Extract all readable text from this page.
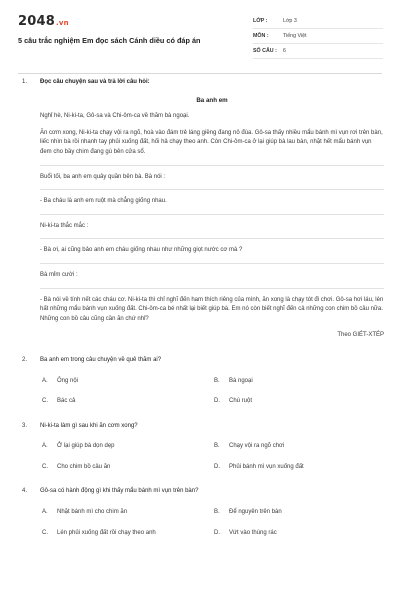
2048.vn
5 câu trắc nghiệm Em đọc sách Cánh diều có đáp án
LỚP :	Lớp 3
MÔN :	Tiếng Việt
SỐ CÂU :	6
1. Đọc câu chuyện sau và trả lời câu hỏi:
Ba anh em
Nghỉ hè, Ni-ki-ta, Gô-sa và Chi-ôm-ca về thăm bà ngoại.
Ăn cơm xong, Ni-ki-ta chạy vội ra ngõ, hoà vào đám trẻ láng giềng đang nô đùa. Gô-sa thấy nhiều mẩu bánh mì vụn rơi trên bàn, liếc nhìn bà rồi nhanh tay phủi xuống đất, hối hả chạy theo anh. Còn Chi-ôm-ca ở lại giúp bà lau bàn, nhặt hết mẩu bánh vụn đem cho bầy chim đang gù bên cửa sổ.
Buổi tối, ba anh em quây quần bên bà. Bà nói :
- Ba cháu là anh em ruột mà chẳng giống nhau.
Ni-ki-ta thắc mắc :
- Bà ơi, ai cũng bảo anh em cháu giống nhau như những giọt nước cơ mà ?
Bà mỉm cười :
- Bà nói về tính nết các cháu cơ. Ni-ki-ta thì chỉ nghĩ đến ham thích riêng của mình, ăn xong là chạy tót đi chơi. Gô-sa hơi láu, lén hất những mẩu bánh vụn xuống đất. Chi-ôm-ca bé nhất lại biết giúp bà. Em nó còn biết nghĩ đến cả những con chim bồ câu nữa. Những con bồ câu cũng cần ăn chứ nhỉ?
Theo GIÉT-XTÉP
2. Ba anh em trong câu chuyện về quê thăm ai?
A. Ông nội	B. Bà ngoại
C. Bác cả	D. Chú ruột
3. Ni-ki-ta làm gì sau khi ăn cơm xong?
A. Ở lại giúp bà dọn dẹp	B. Chạy vội ra ngõ chơi
C. Cho chim bồ câu ăn	D. Phủi bánh mì vụn xuống đất
4. Gô-sa có hành động gì khi thấy mẩu bánh mì vụn trên bàn?
A. Nhặt bánh mì cho chim ăn	B. Để nguyên trên bàn
C. Lén phủi xuống đất rồi chạy theo anh	D. Vứt vào thùng rác
